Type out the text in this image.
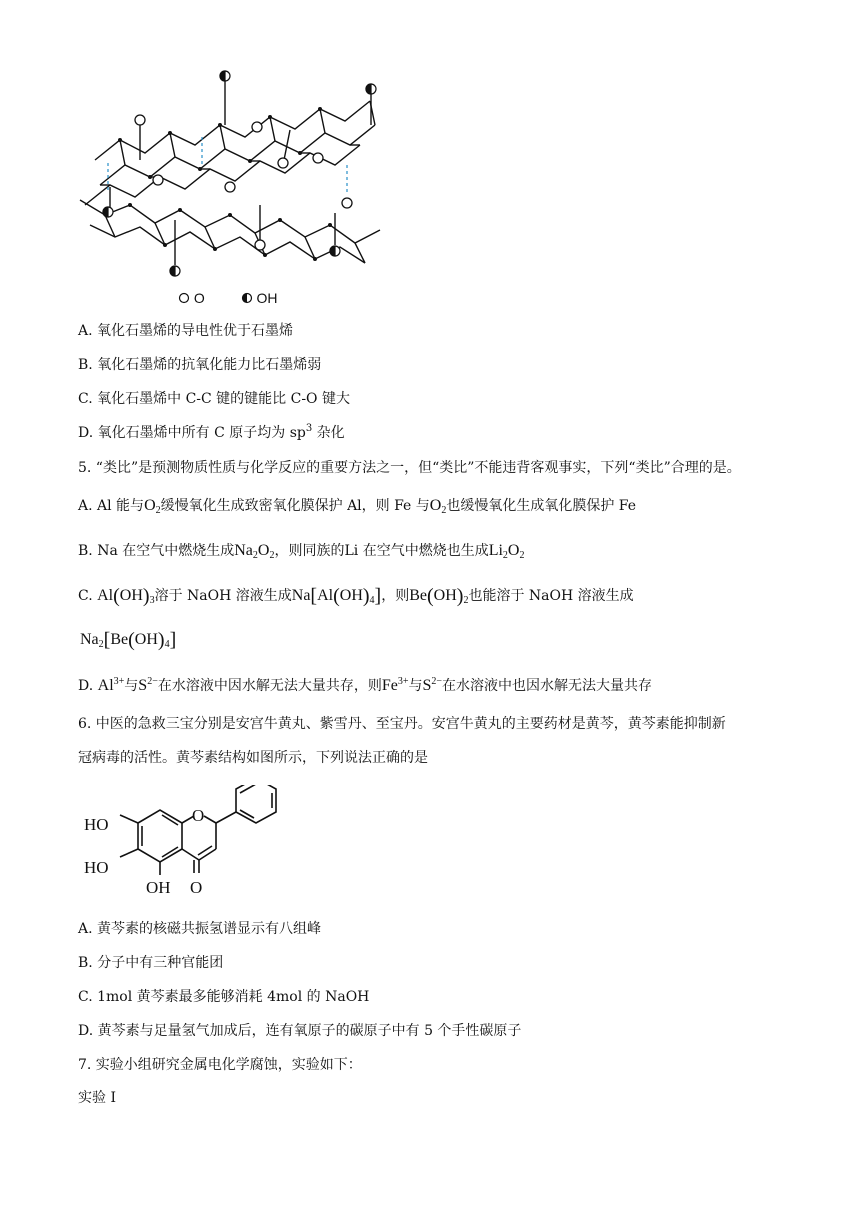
O	OH
A. 氧化石墨烯的导电性优于石墨烯
B. 氧化石墨烯的抗氧化能力比石墨烯弱
C. 氧化石墨烯中 C-C 键的键能比 C-O 键大
D. 氧化石墨烯中所有 C 原子均为 $sp^3$ 杂化
5. “类比”是预测物质性质与化学反应的重要方法之一，但“类比”不能违背客观事实，下列“类比”合理的是。
A. Al 能与$O_2$缓慢氧化生成致密氧化膜保护 Al，则 Fe 与$O_2$也缓慢氧化生成氧化膜保护 Fe
B. Na 在空气中燃烧生成$Na_2O_2$，则同族的Li 在空气中燃烧也生成$Li_2O_2$
C. $Al(OH)_3$溶于 NaOH 溶液生成$Na[Al(OH)_4]$，则$Be(OH)_2$也能溶于 NaOH 溶液生成
$Na_2[Be(OH)_4]$
D. $Al^{3+}$与$S^{2-}$在水溶液中因水解无法大量共存，则$Fe^{3+}$与$S^{2-}$在水溶液中也因水解无法大量共存
6. 中医的急救三宝分别是安宫牛黄丸、紫雪丹、至宝丹。安宫牛黄丸的主要药材是黄芩，黄芩素能抑制新
冠病毒的活性。黄芩素结构如图所示，下列说法正确的是
HO
HO
OH
O
O
A. 黄芩素的核磁共振氢谱显示有八组峰
B. 分子中有三种官能团
C. 1mol 黄芩素最多能够消耗 4mol 的 NaOH
D. 黄芩素与足量氢气加成后，连有氧原子的碳原子中有 5 个手性碳原子
7. 实验小组研究金属电化学腐蚀，实验如下：
实验 I
